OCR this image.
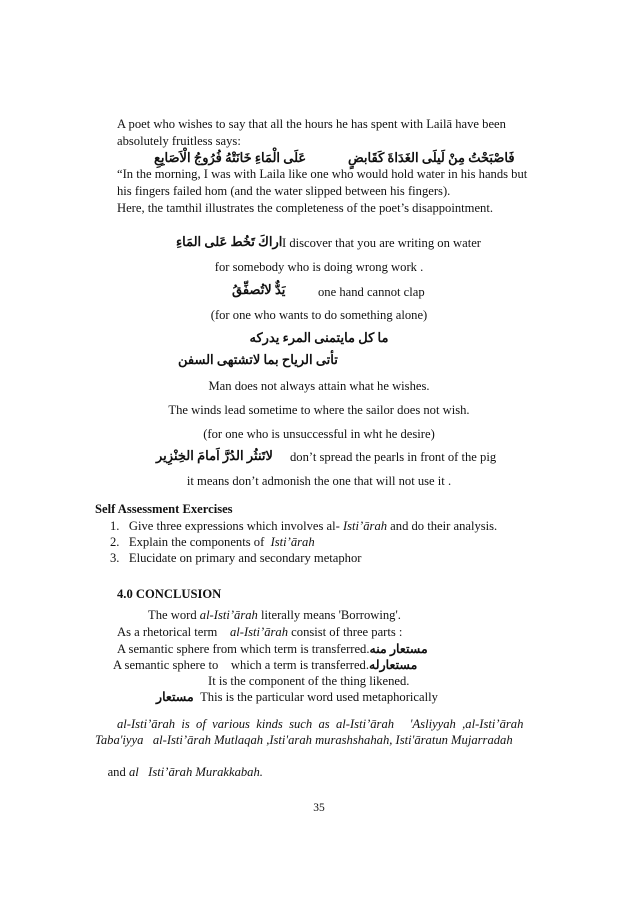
A poet who wishes to say that all the hours he has spent with Lailā have been
absolutely fruitless says:
فَاصْبَحْتُ مِنْ لَيلَى الغَدَاةَ كَقَابضٍ
عَلَى الْمَاءِ خَانَتْهُ فُرُوجُ الْاَصَابِعِ
“In the morning, I was with Laila like one who would hold water in his hands but
his fingers failed hom (and the water slipped between his fingers).
Here, the tamthil illustrates the completeness of the poet’s disappointment.
اراكَ تَخُط عَلى المَاءِ I discover that you are writing on water
for somebody who is doing wrong work .
يَدٌّ لاتُصفِّقُ	one hand cannot clap
(for one who wants to do something alone)
ما كل مايتمنى المرء يدركه
تأتى الرياح بما لاتشتهى السفن
Man does not always attain what he wishes.
The winds lead sometime to where the sailor does not wish.
(for one who is unsuccessful in wht he desire)
لاتَنثُر الدُرَّ اَمامَ الخِنْزِير don’t spread the pearls in front of the pig
it means don’t admonish the one that will not use it .
Self Assessment Exercises
1. Give three expressions which involves al- Isti’ārah and do their analysis.
2. Explain the components of  Isti’ārah
3. Elucidate on primary and secondary metaphor
4.0 CONCLUSION
The word al-Isti’ārah literally means 'Borrowing'.
As a rhetorical term    al-Isti’ārah consist of three parts :
A semantic sphere from which term is transferred.مستعار منه
A semantic sphere to    which a term is transferred.مستعارله
It is the component of the thing likened.
مستعار This is the particular word used metaphorically
al-Isti’ārah  is  of  various  kinds  such  as  al-Isti’ārah     'Asliyyah  ,al-Isti’ārah
Taba'iyya   al-Isti’ārah Mutlaqah ,Isti'arah murashshahah, Isti'āratun Mujarradah

and al   Isti’ārah Murakkabah.

35
